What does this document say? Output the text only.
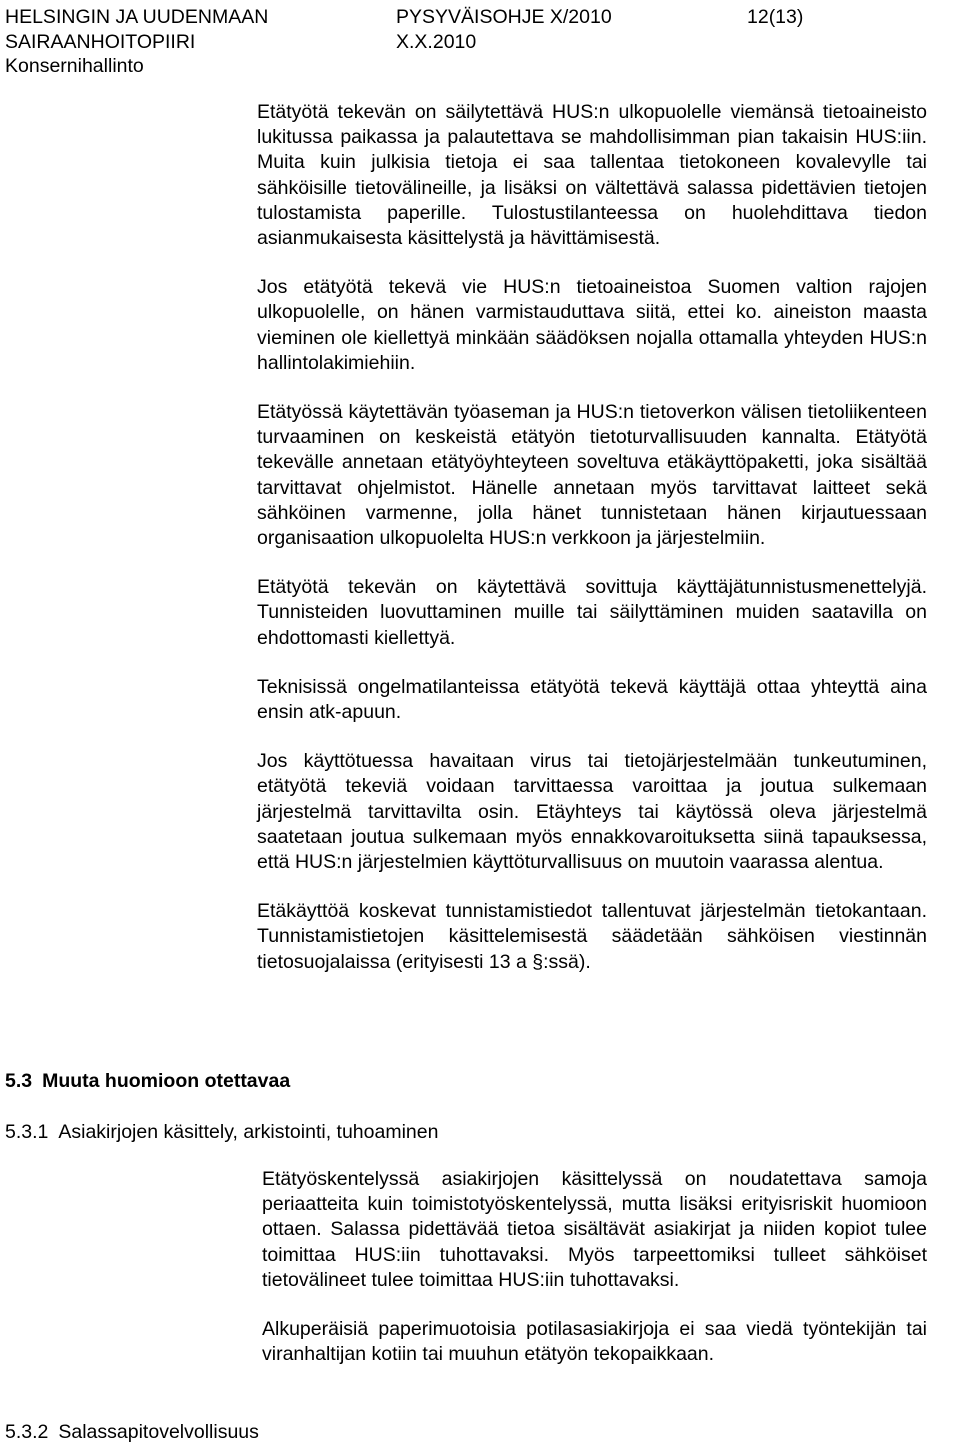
HELSINGIN JA UUDENMAAN
SAIRAANHOITOPIIRI
Konsernihallinto
PYSYVÄISOHJE X/2010
X.X.2010
12(13)

Etätyötä tekevän on säilytettävä HUS:n ulkopuolelle viemänsä tietoaineisto lukitussa paikassa ja palautettava se mahdollisimman pian takaisin HUS:iin. Muita kuin julkisia tietoja ei saa tallentaa tietokoneen kovalevylle tai sähköisille tietovälineille, ja lisäksi on vältettävä salassa pidettävien tietojen tulostamista paperille. Tulostustilanteessa on huolehdittava tiedon asianmukaisesta käsittelystä ja hävittämisestä.

Jos etätyötä tekevä vie HUS:n tietoaineistoa Suomen valtion rajojen ulkopuolelle, on hänen varmistauduttava siitä, ettei ko. aineiston maasta vieminen ole kiellettyä minkään säädöksen nojalla ottamalla yhteyden HUS:n hallintolakimiehiin.

Etätyössä käytettävän työaseman ja HUS:n tietoverkon välisen tietoliikenteen turvaaminen on keskeistä etätyön tietoturvallisuuden kannalta. Etätyötä tekevälle annetaan etätyöyhteyteen soveltuva etäkäyttöpaketti, joka sisältää tarvittavat ohjelmistot. Hänelle annetaan myös tarvittavat laitteet sekä sähköinen varmenne, jolla hänet tunnistetaan hänen kirjautuessaan organisaation ulkopuolelta HUS:n verkkoon ja järjestelmiin.

Etätyötä tekevän on käytettävä sovittuja käyttäjätunnistusmenettelyjä. Tunnisteiden luovuttaminen muille tai säilyttäminen muiden saatavilla on ehdottomasti kiellettyä.

Teknisissä ongelmatilanteissa etätyötä tekevä käyttäjä ottaa yhteyttä aina ensin atk-apuun.

Jos käyttötuessa havaitaan virus tai tietojärjestelmään tunkeutuminen, etätyötä tekeviä voidaan tarvittaessa varoittaa ja joutua sulkemaan järjestelmä tarvittavilta osin. Etäyhteys tai käytössä oleva järjestelmä saatetaan joutua sulkemaan myös ennakkovaroituksetta siinä tapauksessa, että HUS:n järjestelmien käyttöturvallisuus on muutoin vaarassa alentua.

Etäkäyttöä koskevat tunnistamistiedot tallentuvat järjestelmän tietokantaan. Tunnistamistietojen käsittelemisestä säädetään sähköisen viestinnän tietosuojalaissa (erityisesti 13 a §:ssä).

5.3 Muuta huomioon otettavaa
5.3.1 Asiakirjojen käsittely, arkistointi, tuhoaminen

Etätyöskentelyssä asiakirjojen käsittelyssä on noudatettava samoja periaatteita kuin toimistotyöskentelyssä, mutta lisäksi erityisriskit huomioon ottaen. Salassa pidettävää tietoa sisältävät asiakirjat ja niiden kopiot tulee toimittaa HUS:iin tuhottavaksi. Myös tarpeettomiksi tulleet sähköiset tietovälineet tulee toimittaa HUS:iin tuhottavaksi.

Alkuperäisiä paperimuotoisia potilasasiakirjoja ei saa viedä työntekijän tai viranhaltijan kotiin tai muuhun etätyön tekopaikkaan.

5.3.2 Salassapitovelvollisuus
